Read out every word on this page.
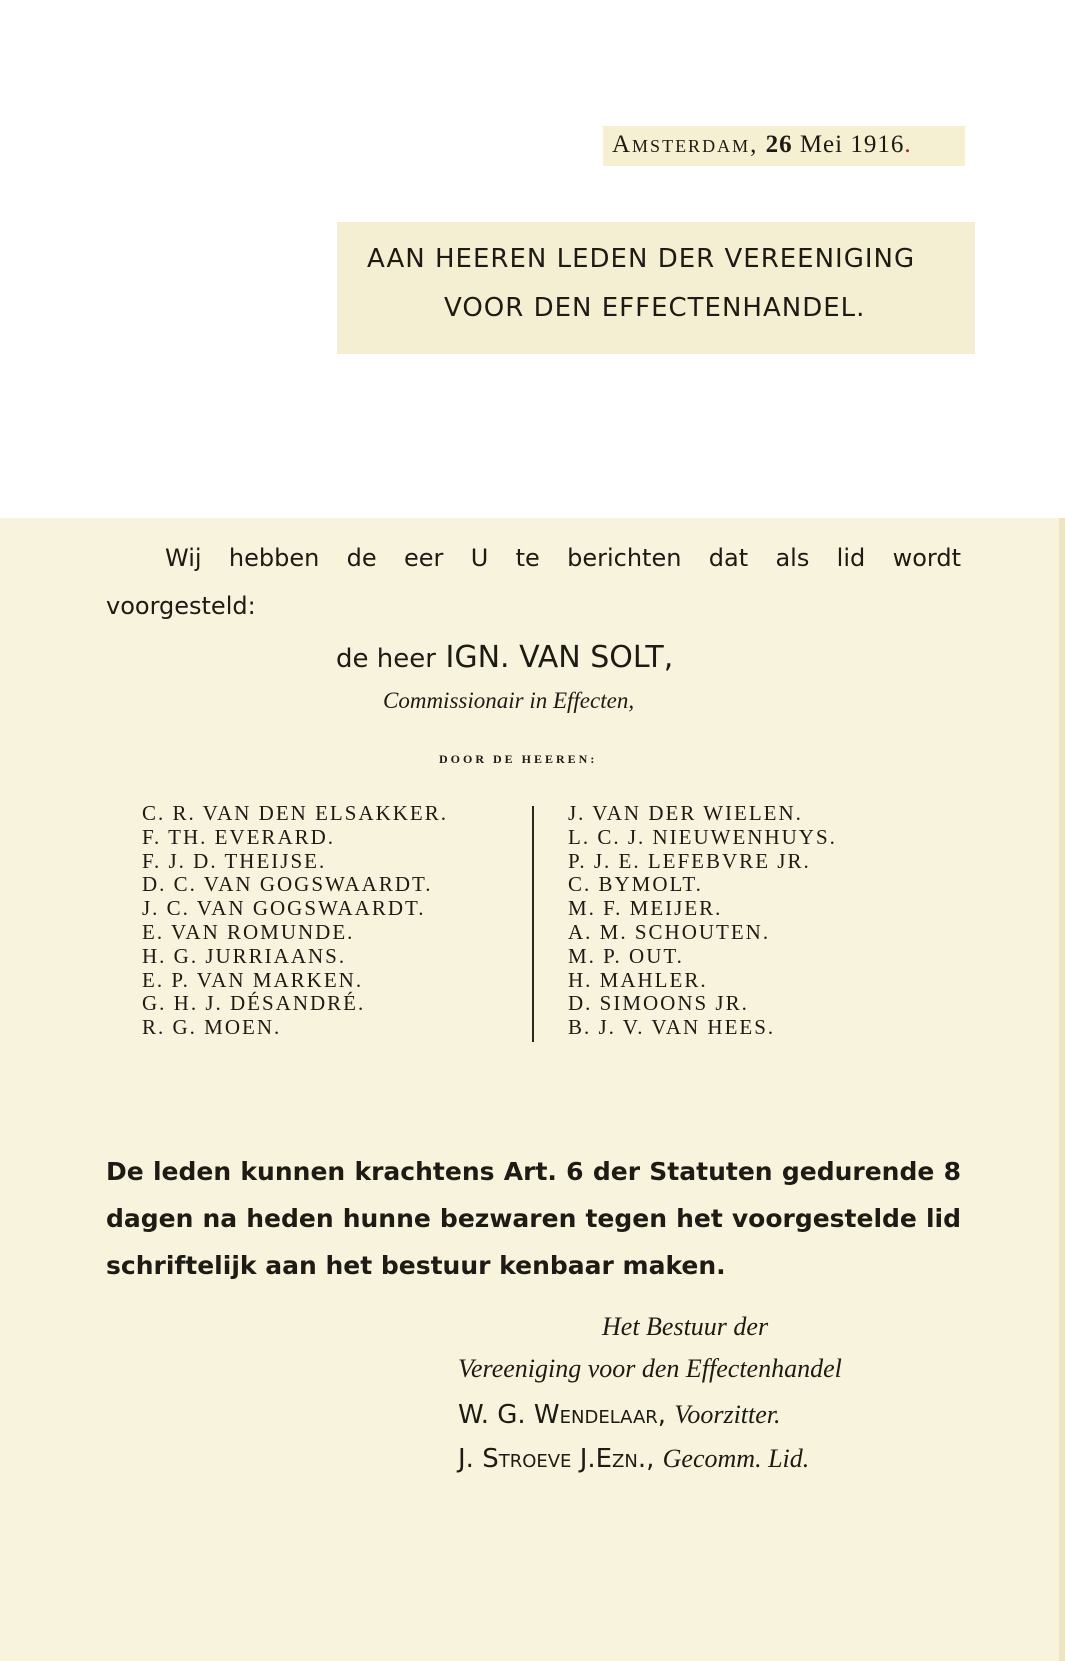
Amsterdam, 26 Mei 1916.
AAN HEEREN LEDEN DER VEREENIGING
VOOR DEN EFFECTENHANDEL.
Wij hebben de eer U te berichten dat als lid wordt
voorgesteld:
de heer IGN. VAN SOLT,
Commissionair in Effecten,
DOOR DE HEEREN:
C. R. VAN DEN ELSAKKER.
F. TH. EVERARD.
F. J. D. THEIJSE.
D. C. VAN GOGSWAARDT.
J. C. VAN GOGSWAARDT.
E. VAN ROMUNDE.
H. G. JURRIAANS.
E. P. VAN MARKEN.
G. H. J. DÉSANDRÉ.
R. G. MOEN.
J. VAN DER WIELEN.
L. C. J. NIEUWENHUYS.
P. J. E. LEFEBVRE JR.
C. BYMOLT.
M. F. MEIJER.
A. M. SCHOUTEN.
M. P. OUT.
H. MAHLER.
D. SIMOONS JR.
B. J. V. VAN HEES.
De leden kunnen krachtens Art. 6 der Statuten gedurende 8 dagen na heden hunne bezwaren tegen het voorgestelde lid schriftelijk aan het bestuur kenbaar maken.
Het Bestuur der
Vereeniging voor den Effectenhandel
W. G. Wendelaar, Voorzitter.
J. Stroeve J.Ezn., Gecomm. Lid.
